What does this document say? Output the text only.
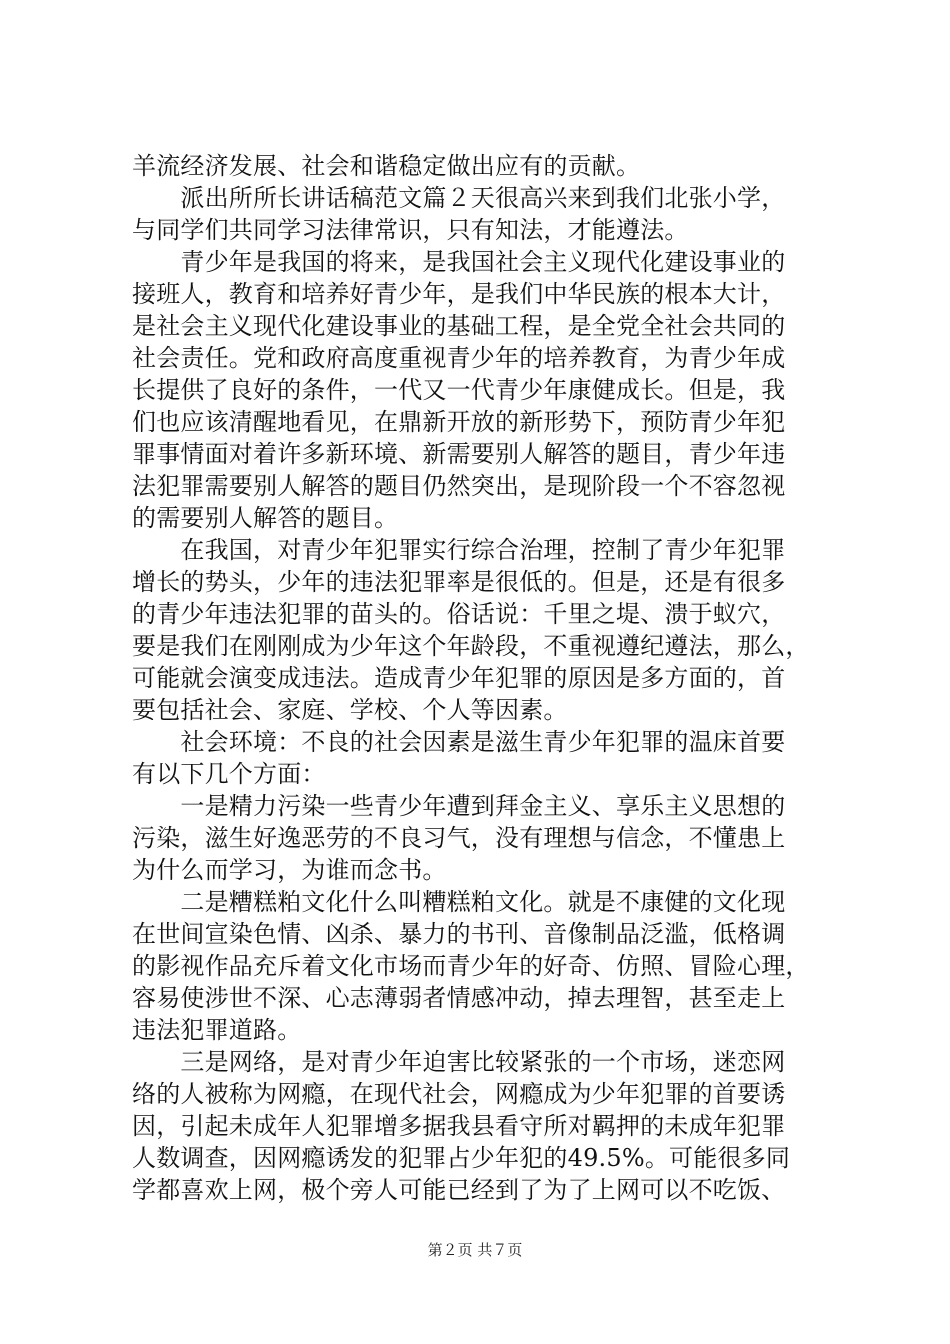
羊流经济发展、社会和谐稳定做出应有的贡献。
　　派出所所长讲话稿范文篇２天很高兴来到我们北张小学，
与同学们共同学习法律常识，只有知法，才能遵法。
　　青少年是我国的将来，是我国社会主义现代化建设事业的
接班人，教育和培养好青少年，是我们中华民族的根本大计，
是社会主义现代化建设事业的基础工程，是全党全社会共同的
社会责任。党和政府高度重视青少年的培养教育，为青少年成
长提供了良好的条件，一代又一代青少年康健成长。但是，我
们也应该清醒地看见，在鼎新开放的新形势下，预防青少年犯
罪事情面对着许多新环境、新需要别人解答的题目，青少年违
法犯罪需要别人解答的题目仍然突出，是现阶段一个不容忽视
的需要别人解答的题目。
　　在我国，对青少年犯罪实行综合治理，控制了青少年犯罪
增长的势头，少年的违法犯罪率是很低的。但是，还是有很多
的青少年违法犯罪的苗头的。俗话说：千里之堤、溃于蚁穴，
要是我们在刚刚成为少年这个年龄段，不重视遵纪遵法，那么，
可能就会演变成违法。造成青少年犯罪的原因是多方面的，首
要包括社会、家庭、学校、个人等因素。
　　社会环境：不良的社会因素是滋生青少年犯罪的温床首要
有以下几个方面：
　　一是精力污染一些青少年遭到拜金主义、享乐主义思想的
污染，滋生好逸恶劳的不良习气，没有理想与信念，不懂患上
为什么而学习，为谁而念书。
　　二是糟糕粕文化什么叫糟糕粕文化。就是不康健的文化现
在世间宣染色情、凶杀、暴力的书刊、音像制品泛滥，低格调
的影视作品充斥着文化市场而青少年的好奇、仿照、冒险心理，
容易使涉世不深、心志薄弱者情感冲动，掉去理智，甚至走上
违法犯罪道路。
　　三是网络，是对青少年迫害比较紧张的一个市场，迷恋网
络的人被称为网瘾，在现代社会，网瘾成为少年犯罪的首要诱
因，引起未成年人犯罪增多据我县看守所对羁押的未成年犯罪
人数调查，因网瘾诱发的犯罪占少年犯的49.5%。可能很多同
学都喜欢上网，极个旁人可能已经到了为了上网可以不吃饭、
第２页 共７页
